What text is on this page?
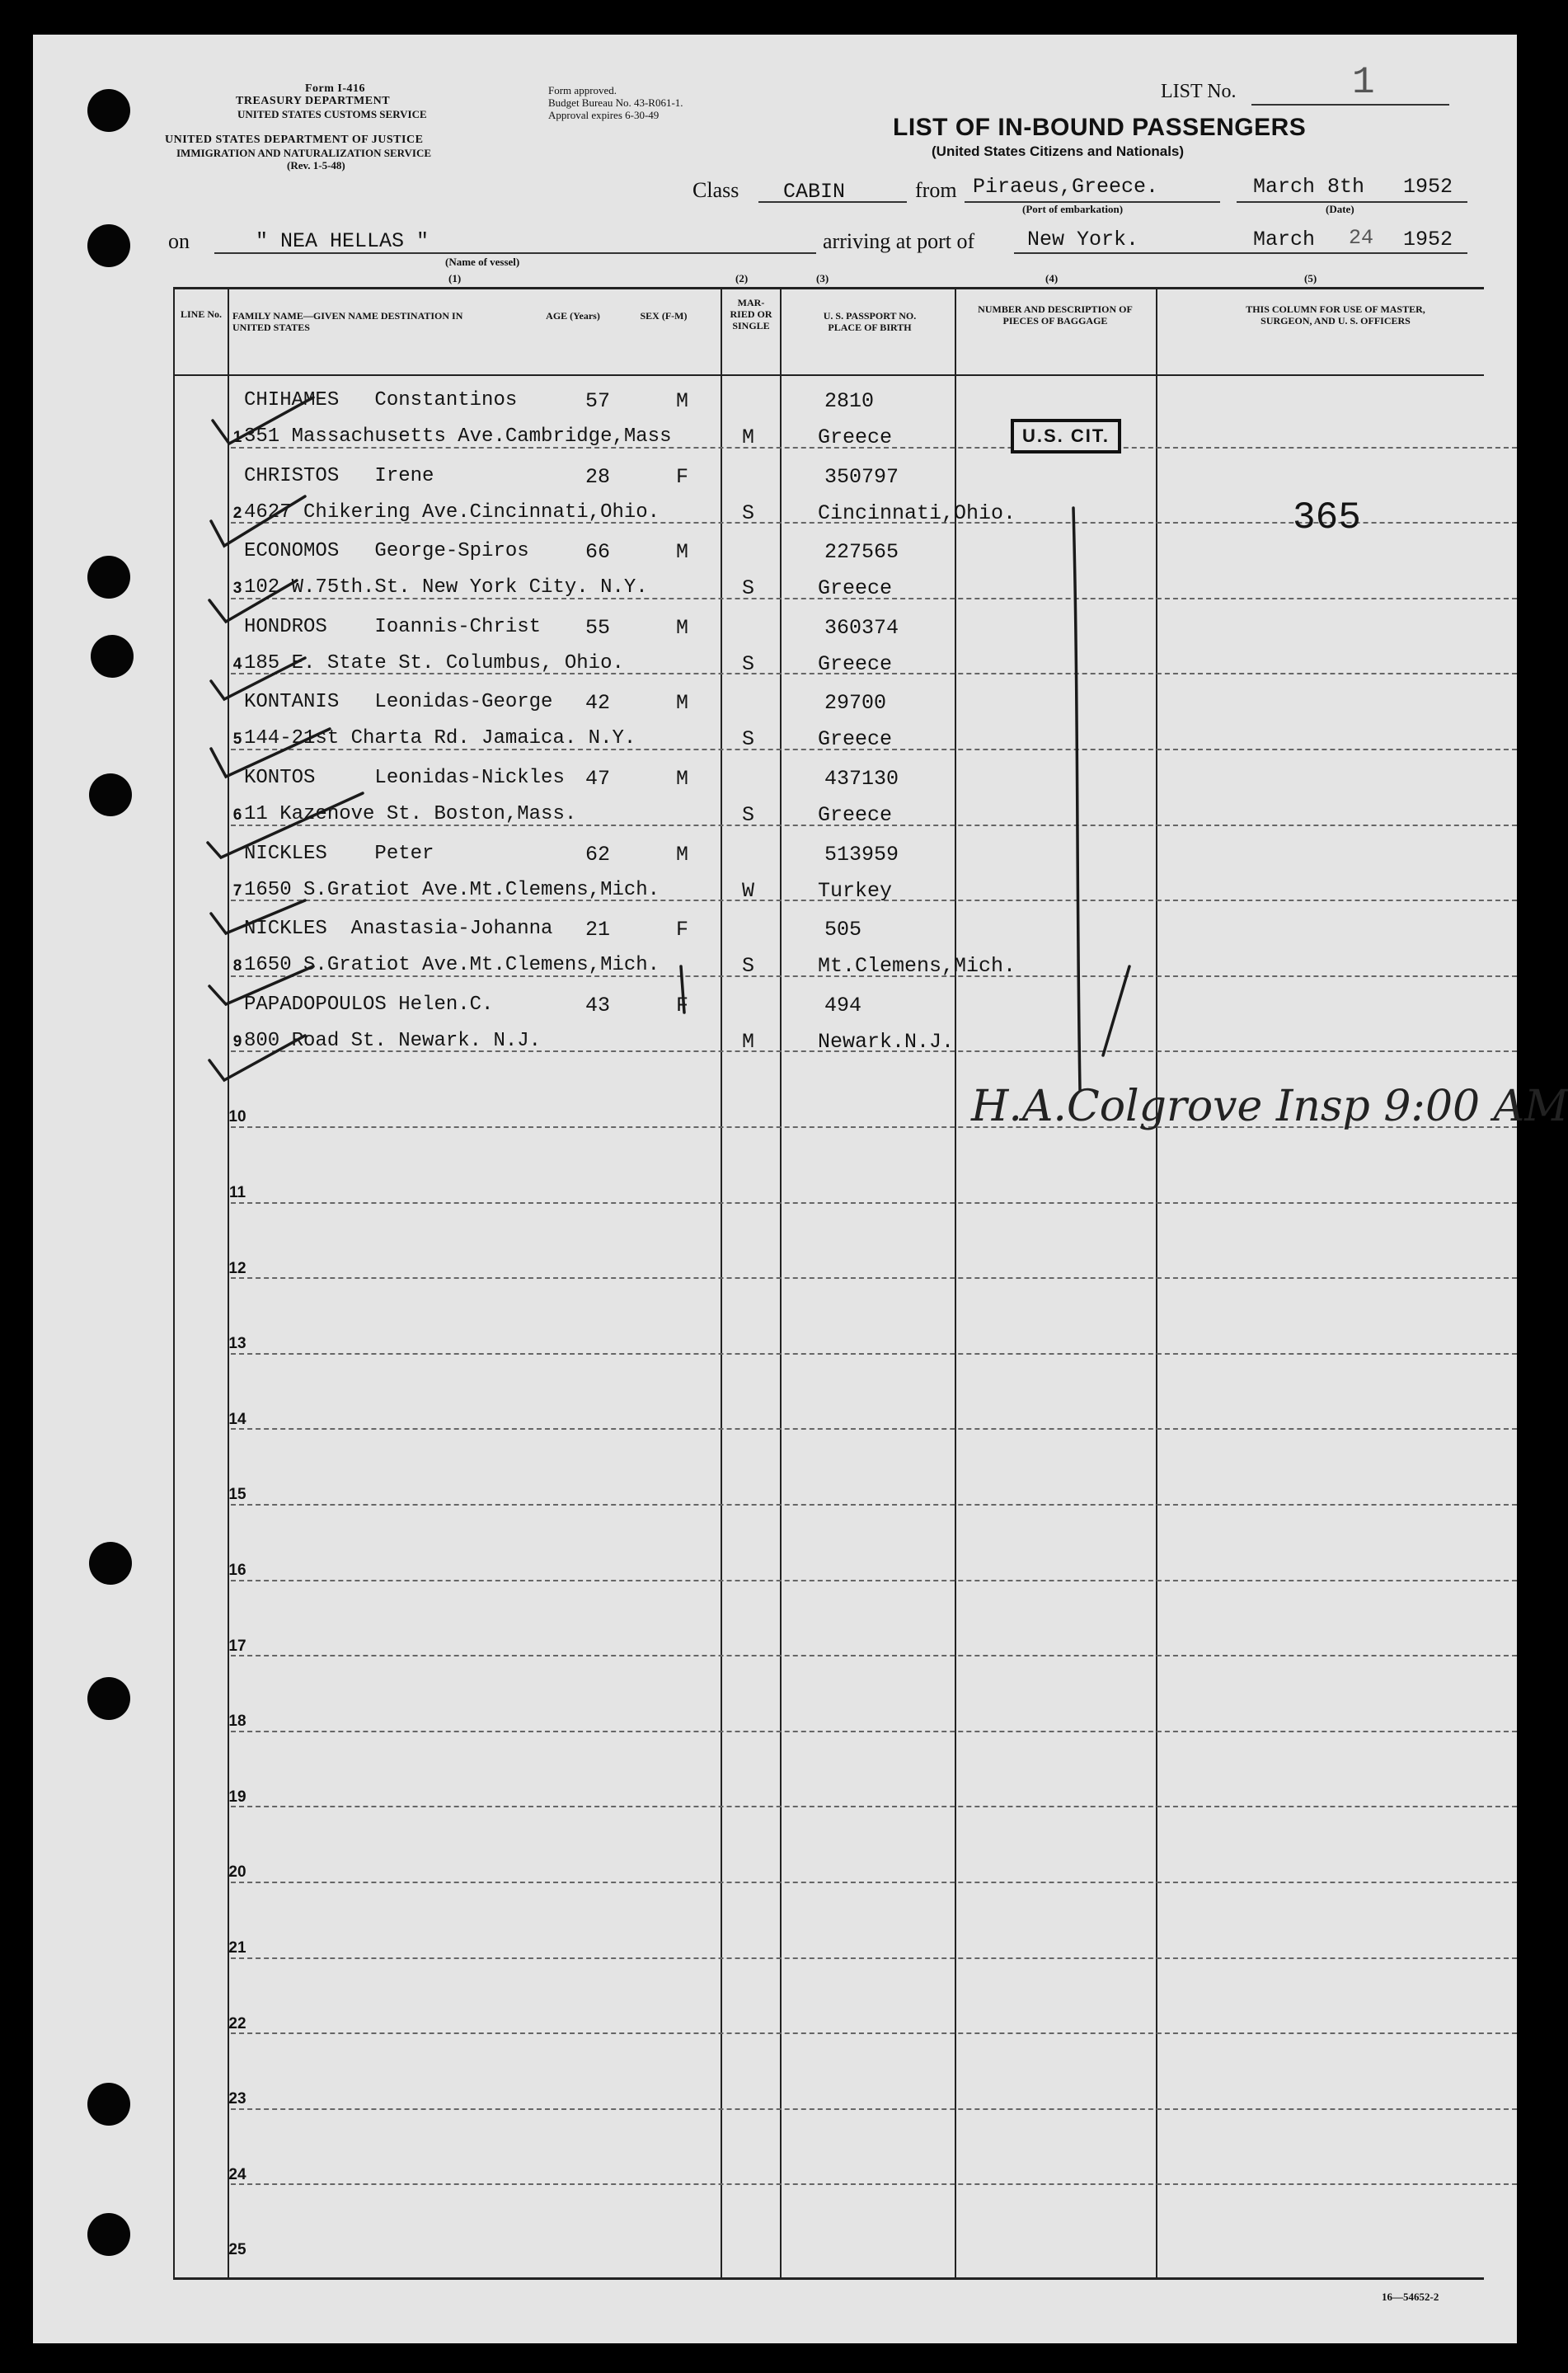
Form I-416
TREASURY DEPARTMENT
UNITED STATES CUSTOMS SERVICE
UNITED STATES DEPARTMENT OF JUSTICE
IMMIGRATION AND NATURALIZATION SERVICE
(Rev. 1-5-48)
Form approved.
Budget Bureau No. 43-R061-1.
Approval expires 6-30-49
LIST No.	1
LIST OF IN-BOUND PASSENGERS
(United States Citizens and Nationals)
Class CABIN	from Piraeus,Greece.
(Port of embarkation)
March 8th 1952
(Date)
on	" NEA HELLAS "
(Name of vessel)
arriving at port of	New York.	March 24 1952
(1)	(2)	(3)	(4)	(5)
LINE No. FAMILY NAME—GIVEN NAME DESTINATION IN UNITED STATES
AGE (Years)	SEX (F-M)
MAR-RIED OR SINGLE
U. S. PASSPORT NO. PLACE OF BIRTH
NUMBER AND DESCRIPTION OF PIECES OF BAGGAGE
THIS COLUMN FOR USE OF MASTER, SURGEON, AND U. S. OFFICERS
1
CHIHAMES   Constantinos	57	M	2810
351 Massachusetts Ave.Cambridge,Mass	M	Greece
2
CHRISTOS   Irene	28	F	350797
4627 Chikering Ave.Cincinnati,Ohio.	S	Cincinnati,Ohio.
3
ECONOMOS   George-Spiros	66	M	227565
102 W.75th.St. New York City. N.Y.	S	Greece
4
HONDROS    Ioannis-Christ 55	M	360374
185 E. State St. Columbus, Ohio.	S	Greece
5
KONTANIS   Leonidas-George 42	M	29700
144-21st Charta Rd. Jamaica. N.Y.	S	Greece
6
KONTOS     Leonidas-Nickles 47	M	437130
11 Kazenove St. Boston,Mass.	S	Greece
7
NICKLES    Peter	62	M	513959
1650 S.Gratiot Ave.Mt.Clemens,Mich.	W	Turkey
8
NICKLES  Anastasia-Johanna 21	F	505
1650 S.Gratiot Ave.Mt.Clemens,Mich.	S	Mt.Clemens,Mich.
9
PAPADOPOULOS Helen.C.	43	F	494
800 Road St. Newark. N.J.	M	Newark.N.J.
10
11
12
13
14
15
16
17
18
19
20
21
22
23
24
25
U.S. CIT.
365
H.A.Colgrove Insp 9:00 AM
16—54652-2
